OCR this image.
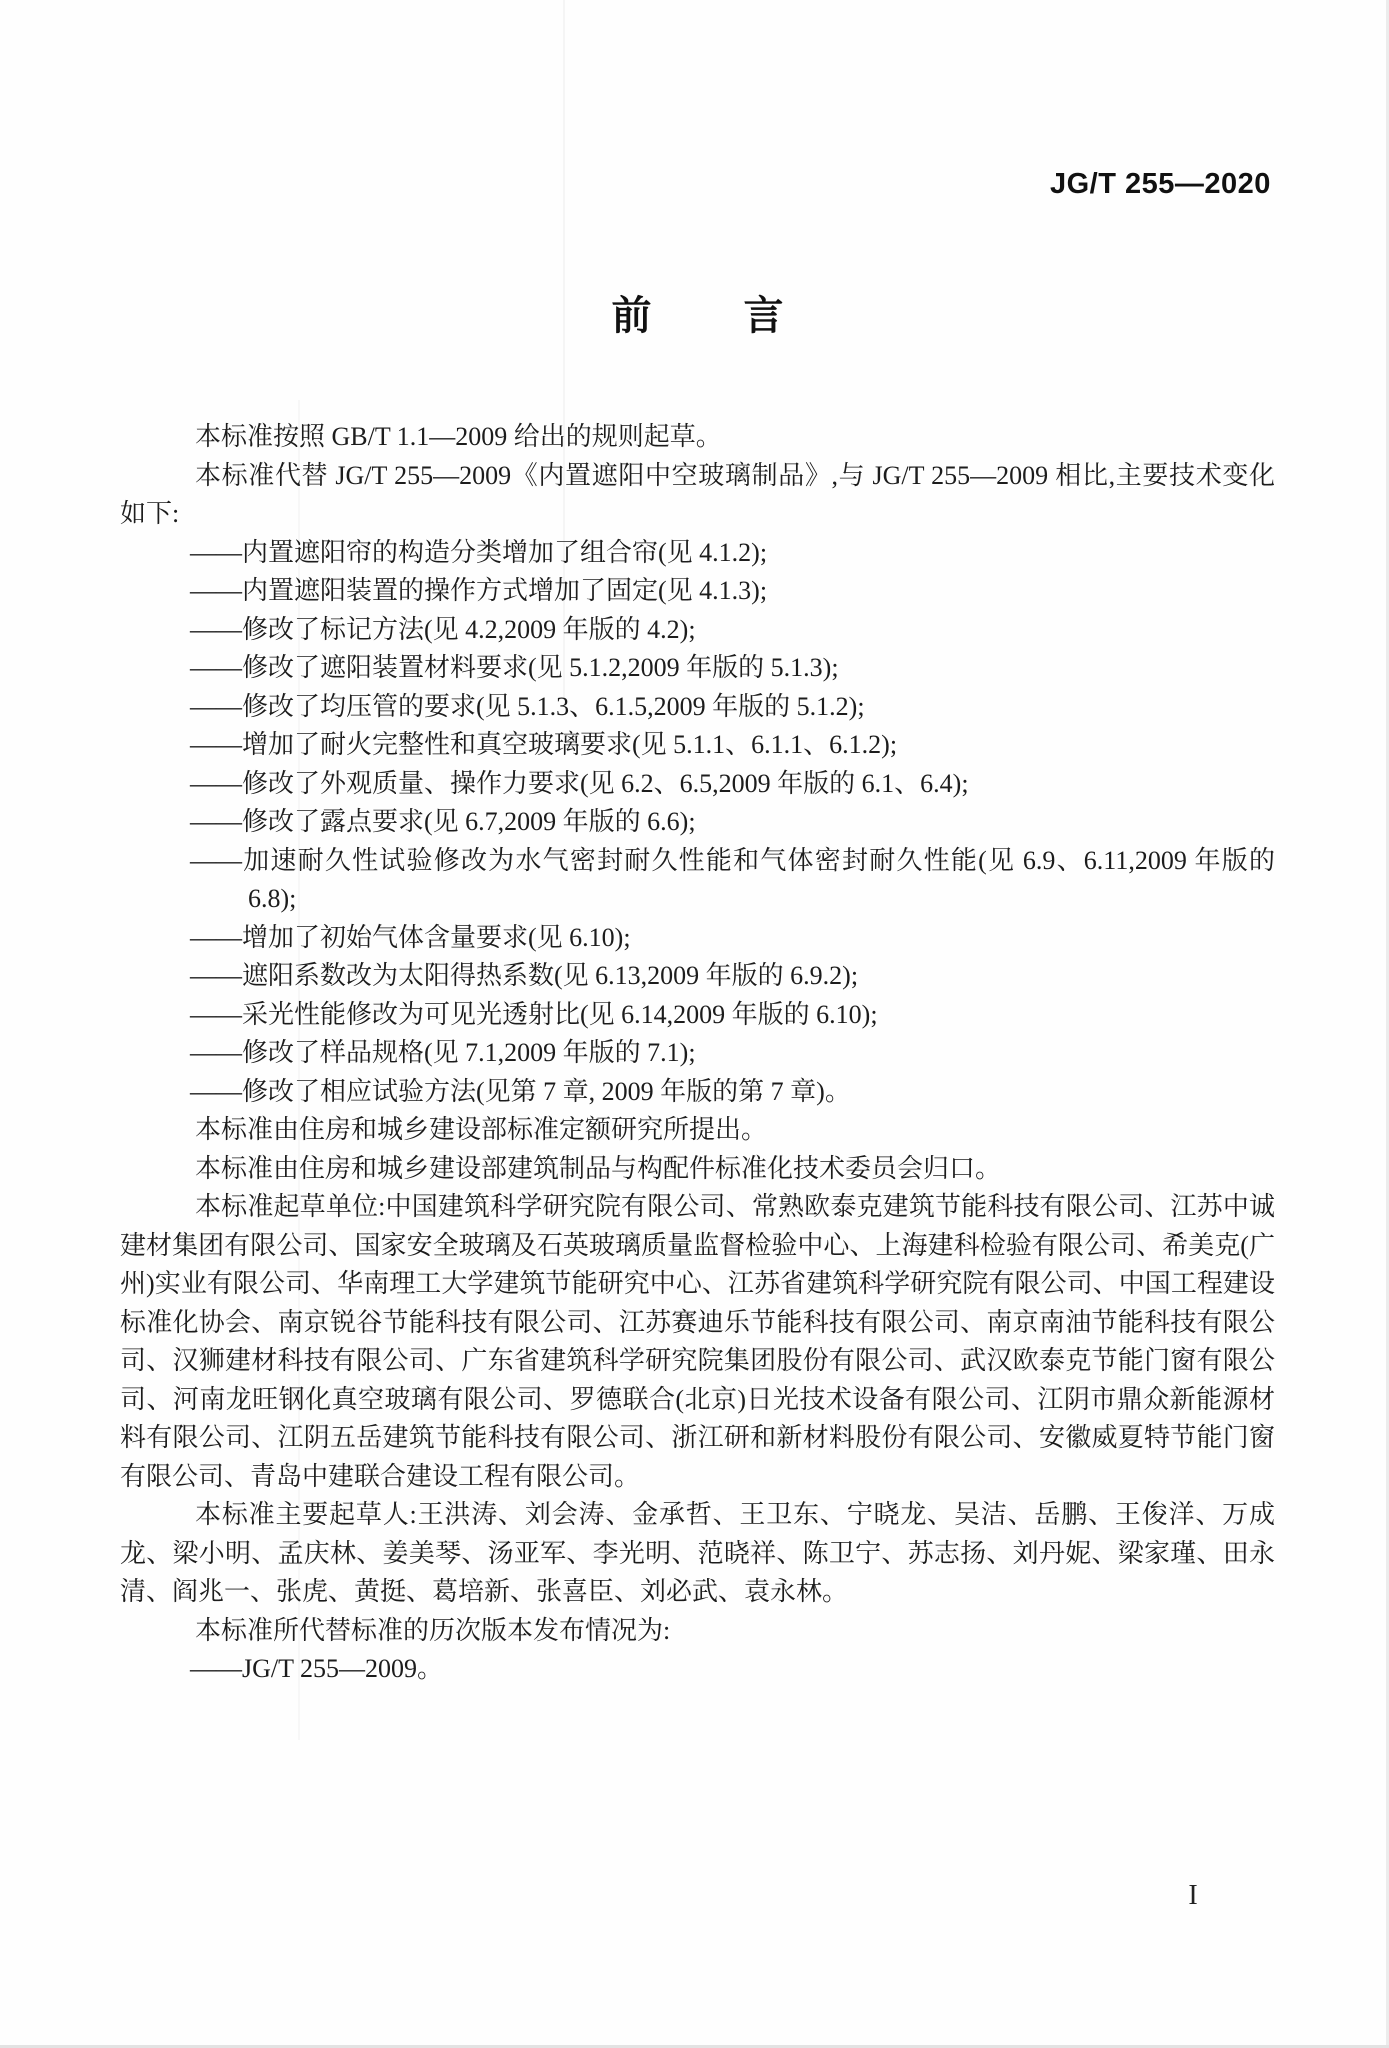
JG/T 255—2020
前 言

本标准按照 GB/T 1.1—2009 给出的规则起草。

本标准代替 JG/T 255—2009《内置遮阳中空玻璃制品》,与 JG/T 255—2009 相比,主要技术变化如下:

——内置遮阳帘的构造分类增加了组合帘(见 4.1.2);
——内置遮阳装置的操作方式增加了固定(见 4.1.3);
——修改了标记方法(见 4.2,2009 年版的 4.2);
——修改了遮阳装置材料要求(见 5.1.2,2009 年版的 5.1.3);
——修改了均压管的要求(见 5.1.3、6.1.5,2009 年版的 5.1.2);
——增加了耐火完整性和真空玻璃要求(见 5.1.1、6.1.1、6.1.2);
——修改了外观质量、操作力要求(见 6.2、6.5,2009 年版的 6.1、6.4);
——修改了露点要求(见 6.7,2009 年版的 6.6);
——加速耐久性试验修改为水气密封耐久性能和气体密封耐久性能(见 6.9、6.11,2009 年版的 6.8);
——增加了初始气体含量要求(见 6.10);
——遮阳系数改为太阳得热系数(见 6.13,2009 年版的 6.9.2);
——采光性能修改为可见光透射比(见 6.14,2009 年版的 6.10);
——修改了样品规格(见 7.1,2009 年版的 7.1);
——修改了相应试验方法(见第 7 章, 2009 年版的第 7 章)。

本标准由住房和城乡建设部标准定额研究所提出。

本标准由住房和城乡建设部建筑制品与构配件标准化技术委员会归口。

本标准起草单位:中国建筑科学研究院有限公司、常熟欧泰克建筑节能科技有限公司、江苏中诚建材集团有限公司、国家安全玻璃及石英玻璃质量监督检验中心、上海建科检验有限公司、希美克(广州)实业有限公司、华南理工大学建筑节能研究中心、江苏省建筑科学研究院有限公司、中国工程建设标准化协会、南京锐谷节能科技有限公司、江苏赛迪乐节能科技有限公司、南京南油节能科技有限公司、汉狮建材科技有限公司、广东省建筑科学研究院集团股份有限公司、武汉欧泰克节能门窗有限公司、河南龙旺钢化真空玻璃有限公司、罗德联合(北京)日光技术设备有限公司、江阴市鼎众新能源材料有限公司、江阴五岳建筑节能科技有限公司、浙江研和新材料股份有限公司、安徽威夏特节能门窗有限公司、青岛中建联合建设工程有限公司。

本标准主要起草人:王洪涛、刘会涛、金承哲、王卫东、宁晓龙、吴洁、岳鹏、王俊洋、万成龙、梁小明、孟庆林、姜美琴、汤亚军、李光明、范晓祥、陈卫宁、苏志扬、刘丹妮、梁家瑾、田永清、阎兆一、张虎、黄挺、葛培新、张喜臣、刘必武、袁永林。

本标准所代替标准的历次版本发布情况为:

——JG/T 255—2009。

I
